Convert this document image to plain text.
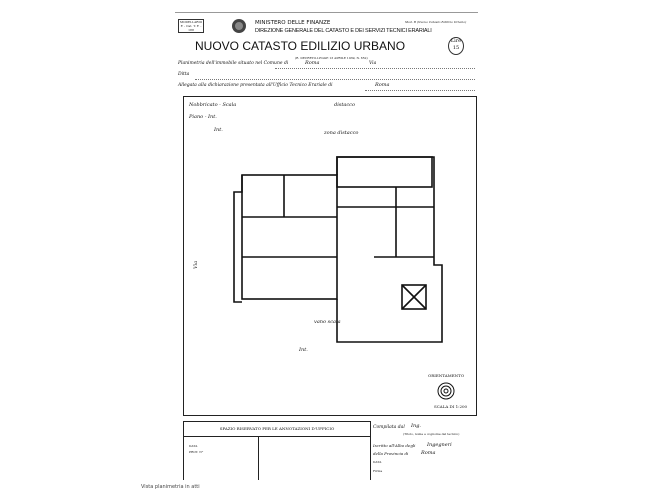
MODELLARIO F. - Cat. T. F. - 188
MINISTERO DELLE FINANZE
DIREZIONE GENERALE DEL CATASTO E DEI SERVIZI TECNICI ERARIALI
NUOVO CATASTO EDILIZIO URBANO
(R. DECRETO-LEGGE 13 APRILE 1939, N. 652)
Mod. B (Nuovo Catasto Edilizio Urbano)
Lire 15
Planimetria dell'immobile situato nel Comune di	Roma	Via
Ditta
Allegata alla dichiarazione presentata all'Ufficio Tecnico Erariale di	Roma
Nobbricato - Scala
Piano - Int.
distacco
Int.	zona distacco
vano scala
Int.
Via
ORIENTAMENTO
SCALA DI 1:200
SPAZIO RISERVATO PER LE ANNOTAZIONI D'UFFICIO
DATA
PROT. N°
Compilata dal Ing.
(Titolo, nome e cognome del tecnico)
Iscritto all'Albo degli Ingegneri
della Provincia di	Roma
DATA
Firma
Vista planimetria in atti
